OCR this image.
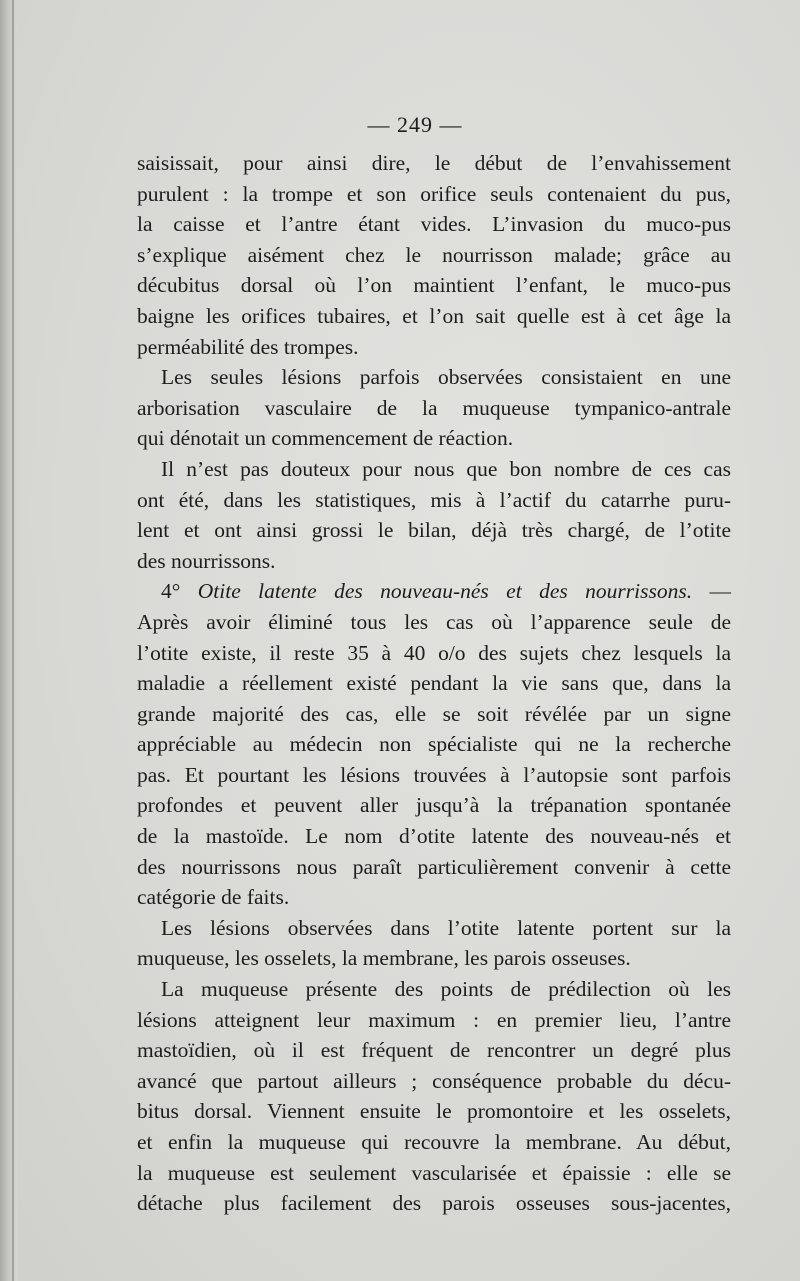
— 249 —
saisissait, pour ainsi dire, le début de l’envahissement
purulent : la trompe et son orifice seuls contenaient du pus,
la caisse et l’antre étant vides. L’invasion du muco-pus
s’explique aisément chez le nourrisson malade; grâce au
décubitus dorsal où l’on maintient l’enfant, le muco-pus
baigne les orifices tubaires, et l’on sait quelle est à cet âge la
perméabilité des trompes.
Les seules lésions parfois observées consistaient en une
arborisation vasculaire de la muqueuse tympanico-antrale
qui dénotait un commencement de réaction.
Il n’est pas douteux pour nous que bon nombre de ces cas
ont été, dans les statistiques, mis à l’actif du catarrhe puru-
lent et ont ainsi grossi le bilan, déjà très chargé, de l’otite
des nourrissons.
4° Otite latente des nouveau-nés et des nourrissons. —
Après avoir éliminé tous les cas où l’apparence seule de
l’otite existe, il reste 35 à 40 o/o des sujets chez lesquels la
maladie a réellement existé pendant la vie sans que, dans la
grande majorité des cas, elle se soit révélée par un signe
appréciable au médecin non spécialiste qui ne la recherche
pas. Et pourtant les lésions trouvées à l’autopsie sont parfois
profondes et peuvent aller jusqu’à la trépanation spontanée
de la mastoïde. Le nom d’otite latente des nouveau-nés et
des nourrissons nous paraît particulièrement convenir à cette
catégorie de faits.
Les lésions observées dans l’otite latente portent sur la
muqueuse, les osselets, la membrane, les parois osseuses.
La muqueuse présente des points de prédilection où les
lésions atteignent leur maximum : en premier lieu, l’antre
mastoïdien, où il est fréquent de rencontrer un degré plus
avancé que partout ailleurs ; conséquence probable du décu-
bitus dorsal. Viennent ensuite le promontoire et les osselets,
et enfin la muqueuse qui recouvre la membrane. Au début,
la muqueuse est seulement vascularisée et épaissie : elle se
détache plus facilement des parois osseuses sous-jacentes,
